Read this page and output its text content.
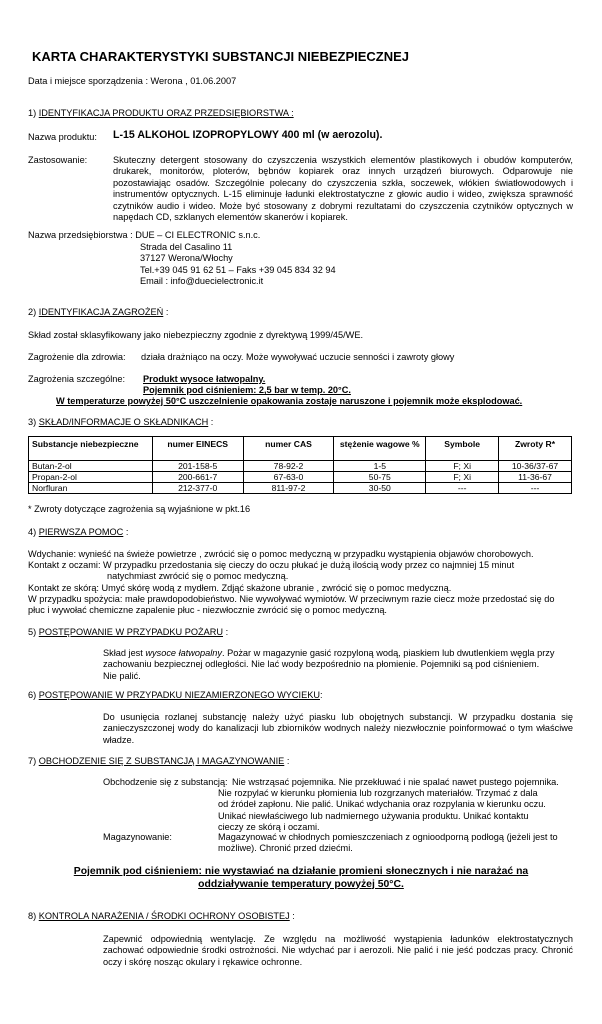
KARTA CHARAKTERYSTYKI SUBSTANCJI NIEBEZPIECZNEJ
Data i miejsce sporządzenia : Werona , 01.06.2007
1) IDENTYFIKACJA PRODUKTU ORAZ PRZEDSIĘBIORSTWA :
Nazwa produktu: L-15 ALKOHOL IZOPROPYLOWY 400 ml (w aerozolu).
Zastosowanie:	Skuteczny detergent stosowany do czyszczenia wszystkich elementów plastikowych i obudów komputerów,
drukarek, monitorów, ploterów, bębnów kopiarek oraz innych urządzeń biurowych. Odparowuje nie
pozostawiając osadów. Szczególnie polecany do czyszczenia szkła, soczewek, włókien światłowodowych i
instrumentów optycznych. L-15 eliminuje ładunki elektrostatyczne z głowic audio i wideo, zwiększa sprawność
czytników audio i wideo. Może być stosowany z dobrymi rezultatami do czyszczenia czytników optycznych w
napędach CD, szklanych elementów skanerów i kopiarek.
Nazwa przedsiębiorstwa : DUE – CI ELECTRONIC s.n.c.
Strada del Casalino 11
37127 Werona/Włochy
Tel.+39 045 91 62 51 – Faks +39 045 834 32 94
Email : info@duecielectronic.it
2) IDENTYFIKACJA ZAGROŻEŃ :
Skład został sklasyfikowany jako niebezpieczny zgodnie z dyrektywą 1999/45/WE.
Zagrożenie dla zdrowia: działa drażniąco na oczy. Może wywoływać uczucie senności i zawroty głowy
Zagrożenia szczególne: Produkt wysoce łatwopalny.
Pojemnik pod ciśnieniem: 2,5 bar w temp. 20°C.
W temperaturze powyżej 50°C uszczelnienie opakowania zostaje naruszone i pojemnik może eksplodować.
3) SKŁAD/INFORMACJE O SKŁADNIKACH :
Substancje niebezpieczne	numer EINECS	numer CAS	stężenie wagowe %	Symbole	Zwroty R*
Butan-2-ol	201-158-5	78-92-2	1-5	F; Xi	10-36/37-67
Propan-2-ol	200-661-7	67-63-0	50-75	F; Xi	11-36-67
Norfluran	212-377-0	811-97-2	30-50	---	---
* Zwroty dotyczące zagrożenia są wyjaśnione w pkt.16
4) PIERWSZA POMOC :
Wdychanie: wynieść na świeże powietrze , zwrócić się o pomoc medyczną w przypadku wystąpienia objawów chorobowych.
Kontakt z oczami: W przypadku przedostania się cieczy do oczu płukać je dużą ilością wody przez co najmniej 15 minut
natychmiast zwrócić się o pomoc medyczną.
Kontakt ze skórą: Umyć skórę wodą z mydłem. Zdjąć skażone ubranie , zwrócić się o pomoc medyczną.
W przypadku spożycia: małe prawdopodobieństwo. Nie wywoływać wymiotów. W przeciwnym razie ciecz może przedostać się do
płuc i wywołać chemiczne zapalenie płuc - niezwłocznie zwrócić się o pomoc medyczną.
5) POSTĘPOWANIE W PRZYPADKU POŻARU :
Skład jest wysoce łatwopalny. Pożar w magazynie gasić rozpyloną wodą, piaskiem lub dwutlenkiem węgla przy
zachowaniu bezpiecznej odległości. Nie lać wody bezpośrednio na płomienie. Pojemniki są pod ciśnieniem.
Nie palić.
6) POSTĘPOWANIE W PRZYPADKU NIEZAMIERZONEGO WYCIEKU:
Do usunięcia rozlanej substancję należy użyć piasku lub obojętnych substancji. W przypadku dostania się
zanieczyszczonej wody do kanalizacji lub zbiorników wodnych należy niezwłocznie poinformować o tym właściwe
władze.
7) OBCHODZENIE SIĘ Z SUBSTANCJĄ I MAGAZYNOWANIE :
Obchodzenie się z substancją: Nie wstrząsać pojemnika. Nie przekłuwać i nie spalać nawet pustego pojemnika.
Nie rozpylać w kierunku płomienia lub rozgrzanych materiałów. Trzymać z dala
od źródeł zapłonu. Nie palić. Unikać wdychania oraz rozpylania w kierunku oczu.
Unikać niewłaściwego lub nadmiernego używania produktu. Unikać kontaktu
cieczy ze skórą i oczami.
Magazynowanie:	Magazynować w chłodnych pomieszczeniach z ognioodporną podłogą (jeżeli jest to
możliwe). Chronić przed dziećmi.
Pojemnik pod ciśnieniem: nie wystawiać na działanie promieni słonecznych i nie narażać na
oddziaływanie temperatury powyżej 50°C.
8) KONTROLA NARAŻENIA / ŚRODKI OCHRONY OSOBISTEJ :
Zapewnić odpowiednią wentylację. Ze względu na możliwość wystąpienia ładunków elektrostatycznych
zachować odpowiednie środki ostrożności. Nie wdychać par i aerozoli. Nie palić i nie jeść podczas pracy. Chronić
oczy i skórę nosząc okulary i rękawice ochronne.
